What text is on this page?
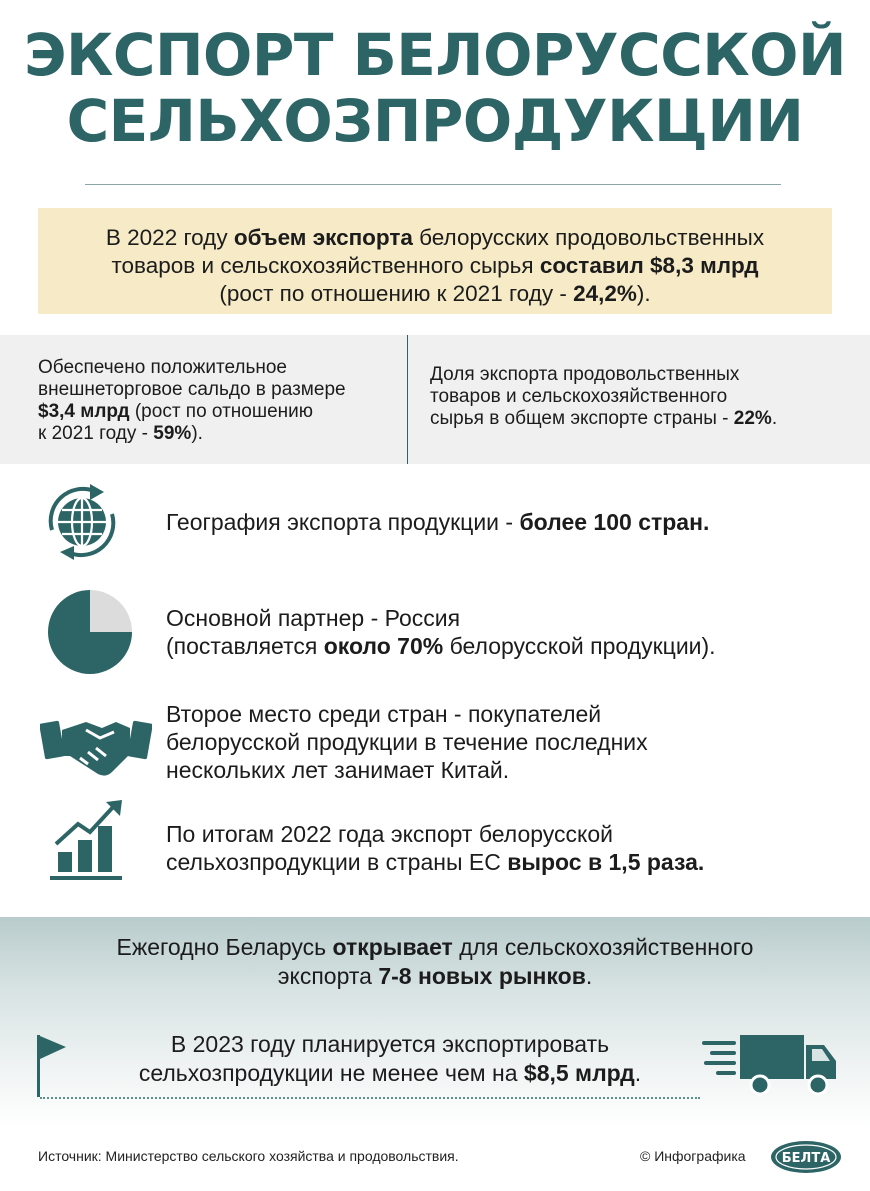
ЭКСПОРТ БЕЛОРУССКОЙ
СЕЛЬХОЗПРОДУКЦИИ
В 2022 году объем экспорта белорусских продовольственных
товаров и сельскохозяйственного сырья составил $8,3 млрд
(рост по отношению к 2021 году - 24,2%).
Обеспечено положительное
внешнеторговое сальдо в размере
$3,4 млрд (рост по отношению
к 2021 году - 59%).
Доля экспорта продовольственных
товаров и сельскохозяйственного
сырья в общем экспорте страны - 22%.
География экспорта продукции - более 100 стран.
Основной партнер - Россия
(поставляется около 70% белорусской продукции).
Второе место среди стран - покупателей
белорусской продукции в течение последних
нескольких лет занимает Китай.
По итогам 2022 года экспорт белорусской
сельхозпродукции в страны ЕС вырос в 1,5 раза.
Ежегодно Беларусь открывает для сельскохозяйственного
экспорта 7-8 новых рынков.
В 2023 году планируется экспортировать
сельхозпродукции не менее чем на $8,5 млрд.
Источник: Министерство сельского хозяйства и продовольствия.	© Инфографика	БЕЛТА
